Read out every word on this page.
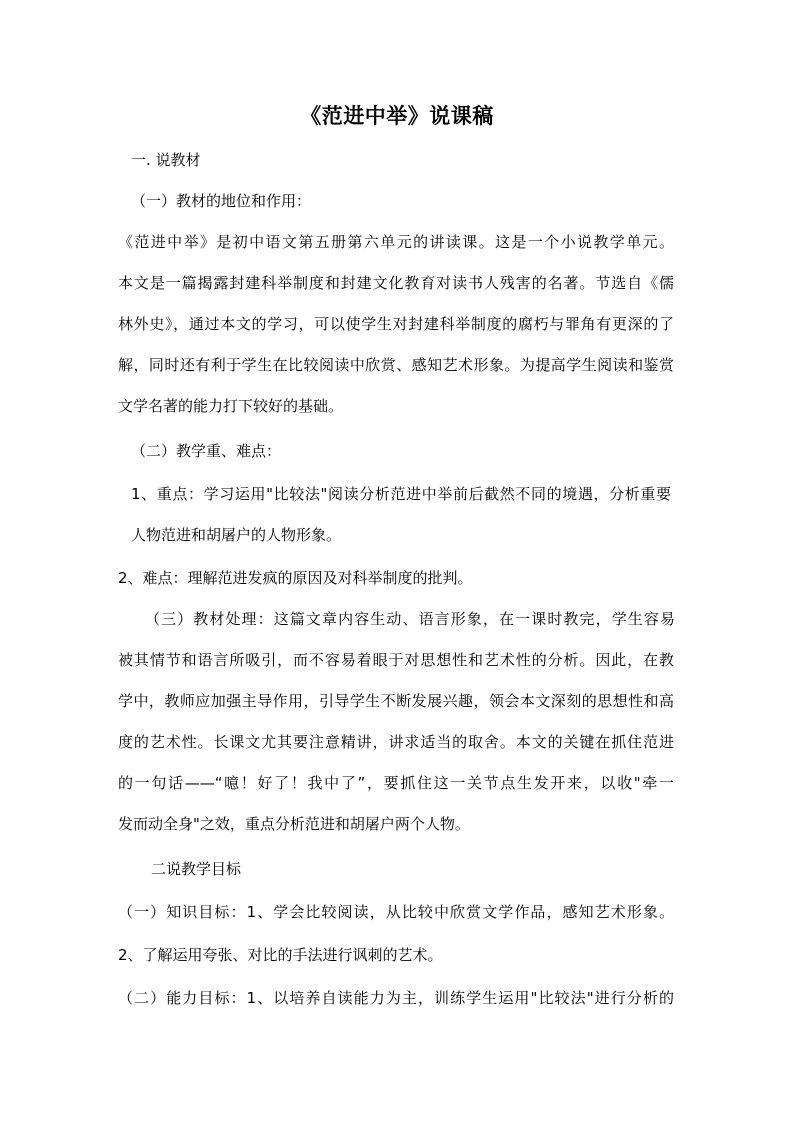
《范进中举》说课稿
一. 说教材
（一）教材的地位和作用：
《范进中举》是初中语文第五册第六单元的讲读课。这是一个小说教学单元。
本文是一篇揭露封建科举制度和封建文化教育对读书人残害的名著。节选自《儒
林外史》，通过本文的学习，可以使学生对封建科举制度的腐朽与罪角有更深的了
解，同时还有利于学生在比较阅读中欣赏、感知艺术形象。为提高学生阅读和鉴赏
文学名著的能力打下较好的基础。
（二）教学重、难点：
1、重点：学习运用"比较法"阅读分析范进中举前后截然不同的境遇，分析重要
人物范进和胡屠户的人物形象。
2、难点：理解范进发疯的原因及对科举制度的批判。
（三）教材处理：这篇文章内容生动、语言形象，在一课时教完，学生容易
被其情节和语言所吸引，而不容易着眼于对思想性和艺术性的分析。因此，在教
学中，教师应加强主导作用，引导学生不断发展兴趣，领会本文深刻的思想性和高
度的艺术性。长课文尤其要注意精讲，讲求适当的取舍。本文的关键在抓住范进
的一句话——“噫！好了！我中了”，要抓住这一关节点生发开来，以收"牵一
发而动全身"之效，重点分析范进和胡屠户两个人物。
二说教学目标
（一）知识目标：1、学会比较阅读，从比较中欣赏文学作品，感知艺术形象。
2、了解运用夸张、对比的手法进行讽刺的艺术。
（二）能力目标：1、以培养自读能力为主，训练学生运用"比较法"进行分析的
